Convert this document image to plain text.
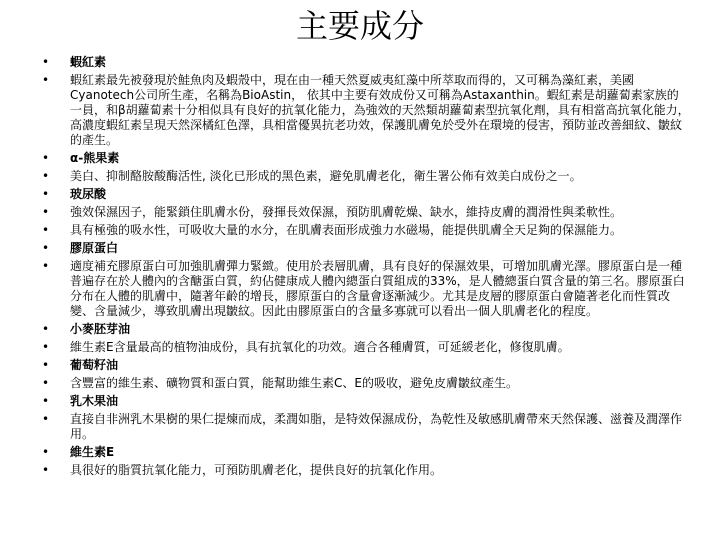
主要成分
• 蝦紅素
• 蝦紅素最先被發現於鮭魚肉及蝦殼中，現在由一種天然夏威夷紅藻中所萃取而得的，又可稱為藻紅素，美國Cyanotech公司所生產，名稱為BioAstin， 依其中主要有效成份又可稱為Astaxanthin。蝦紅素是胡蘿蔔素家族的一員，和β胡蘿蔔素十分相似具有良好的抗氧化能力，為強效的天然類胡蘿蔔素型抗氧化劑，具有相當高抗氧化能力，高濃度蝦紅素呈現天然深橘紅色澤，具相當優異抗老功效，保護肌膚免於受外在環境的侵害，預防並改善細紋、皺紋的產生。
• α-熊果素
• 美白、抑制酪胺酸酶活性, 淡化已形成的黑色素，避免肌膚老化，衛生署公佈有效美白成份之一。
• 玻尿酸
• 強效保濕因子，能緊鎖住肌膚水份，發揮長效保濕，預防肌膚乾燥、缺水，維持皮膚的潤滑性與柔軟性。
• 具有極強的吸水性，可吸收大量的水分，在肌膚表面形成強力水磁場，能提供肌膚全天足夠的保濕能力。
• 膠原蛋白
• 適度補充膠原蛋白可加強肌膚彈力緊緻。使用於表層肌膚，具有良好的保濕效果，可增加肌膚光澤。膠原蛋白是一種普遍存在於人體內的含醣蛋白質，約佔健康成人體內總蛋白質組成的33%，是人體總蛋白質含量的第三名。膠原蛋白分布在人體的肌膚中，隨著年齡的增長，膠原蛋白的含量會逐漸減少。尤其是皮層的膠原蛋白會隨著老化而性質改變、含量減少，導致肌膚出現皺紋。因此由膠原蛋白的含量多寡就可以看出一個人肌膚老化的程度。
• 小麥胚芽油
• 維生素E含量最高的植物油成份，具有抗氧化的功效。適合各種膚質，可延緩老化，修復肌膚。
• 葡萄籽油
• 含豐富的維生素、礦物質和蛋白質，能幫助維生素C、E的吸收，避免皮膚皺紋產生。
• 乳木果油
• 直接自非洲乳木果樹的果仁提煉而成，柔潤如脂，是特效保濕成份，為乾性及敏感肌膚帶來天然保護、滋養及潤澤作用。
• 維生素E
• 具很好的脂質抗氧化能力，可預防肌膚老化，提供良好的抗氧化作用。
